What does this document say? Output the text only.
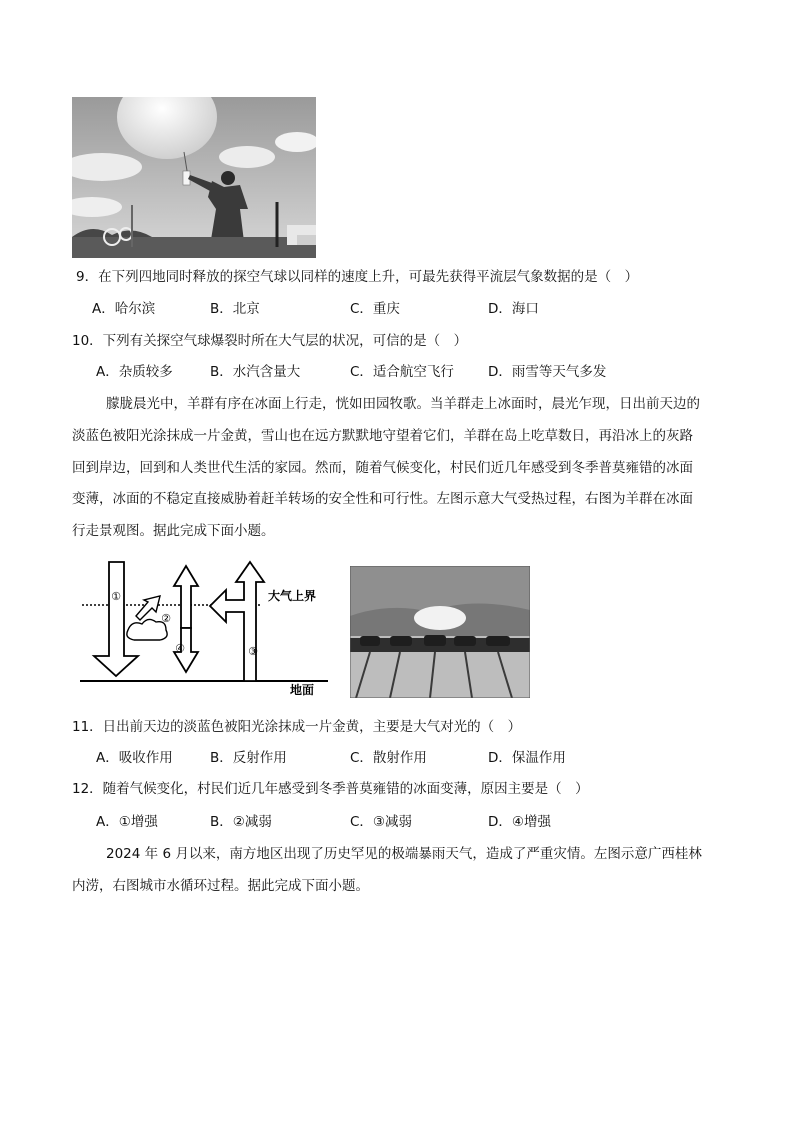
9．在下列四地同时释放的探空气球以同样的速度上升，可最先获得平流层气象数据的是（　）
A．哈尔滨	B．北京	C．重庆	D．海口
10．下列有关探空气球爆裂时所在大气层的状况，可信的是（　）
A．杂质较多	B．水汽含量大	C．适合航空飞行	D．雨雪等天气多发
朦胧晨光中，羊群有序在冰面上行走，恍如田园牧歌。当羊群走上冰面时，晨光乍现，日出前天边的
淡蓝色被阳光涂抹成一片金黄，雪山也在远方默默地守望着它们，羊群在岛上吃草数日，再沿冰上的灰路
回到岸边，回到和人类世代生活的家园。然而，随着气候变化，村民们近几年感受到冬季普莫雍错的冰面
变薄，冰面的不稳定直接威胁着赶羊转场的安全性和可行性。左图示意大气受热过程，右图为羊群在冰面
行走景观图。据此完成下面小题。
①
②
③
④
大气上界
地面
11．日出前天边的淡蓝色被阳光涂抹成一片金黄，主要是大气对光的（　）
A．吸收作用	B．反射作用	C．散射作用	D．保温作用
12．随着气候变化，村民们近几年感受到冬季普莫雍错的冰面变薄，原因主要是（　）
A．①增强	B．②减弱	C．③减弱	D．④增强
2024 年 6 月以来，南方地区出现了历史罕见的极端暴雨天气，造成了严重灾情。左图示意广西桂林
内涝，右图城市水循环过程。据此完成下面小题。
